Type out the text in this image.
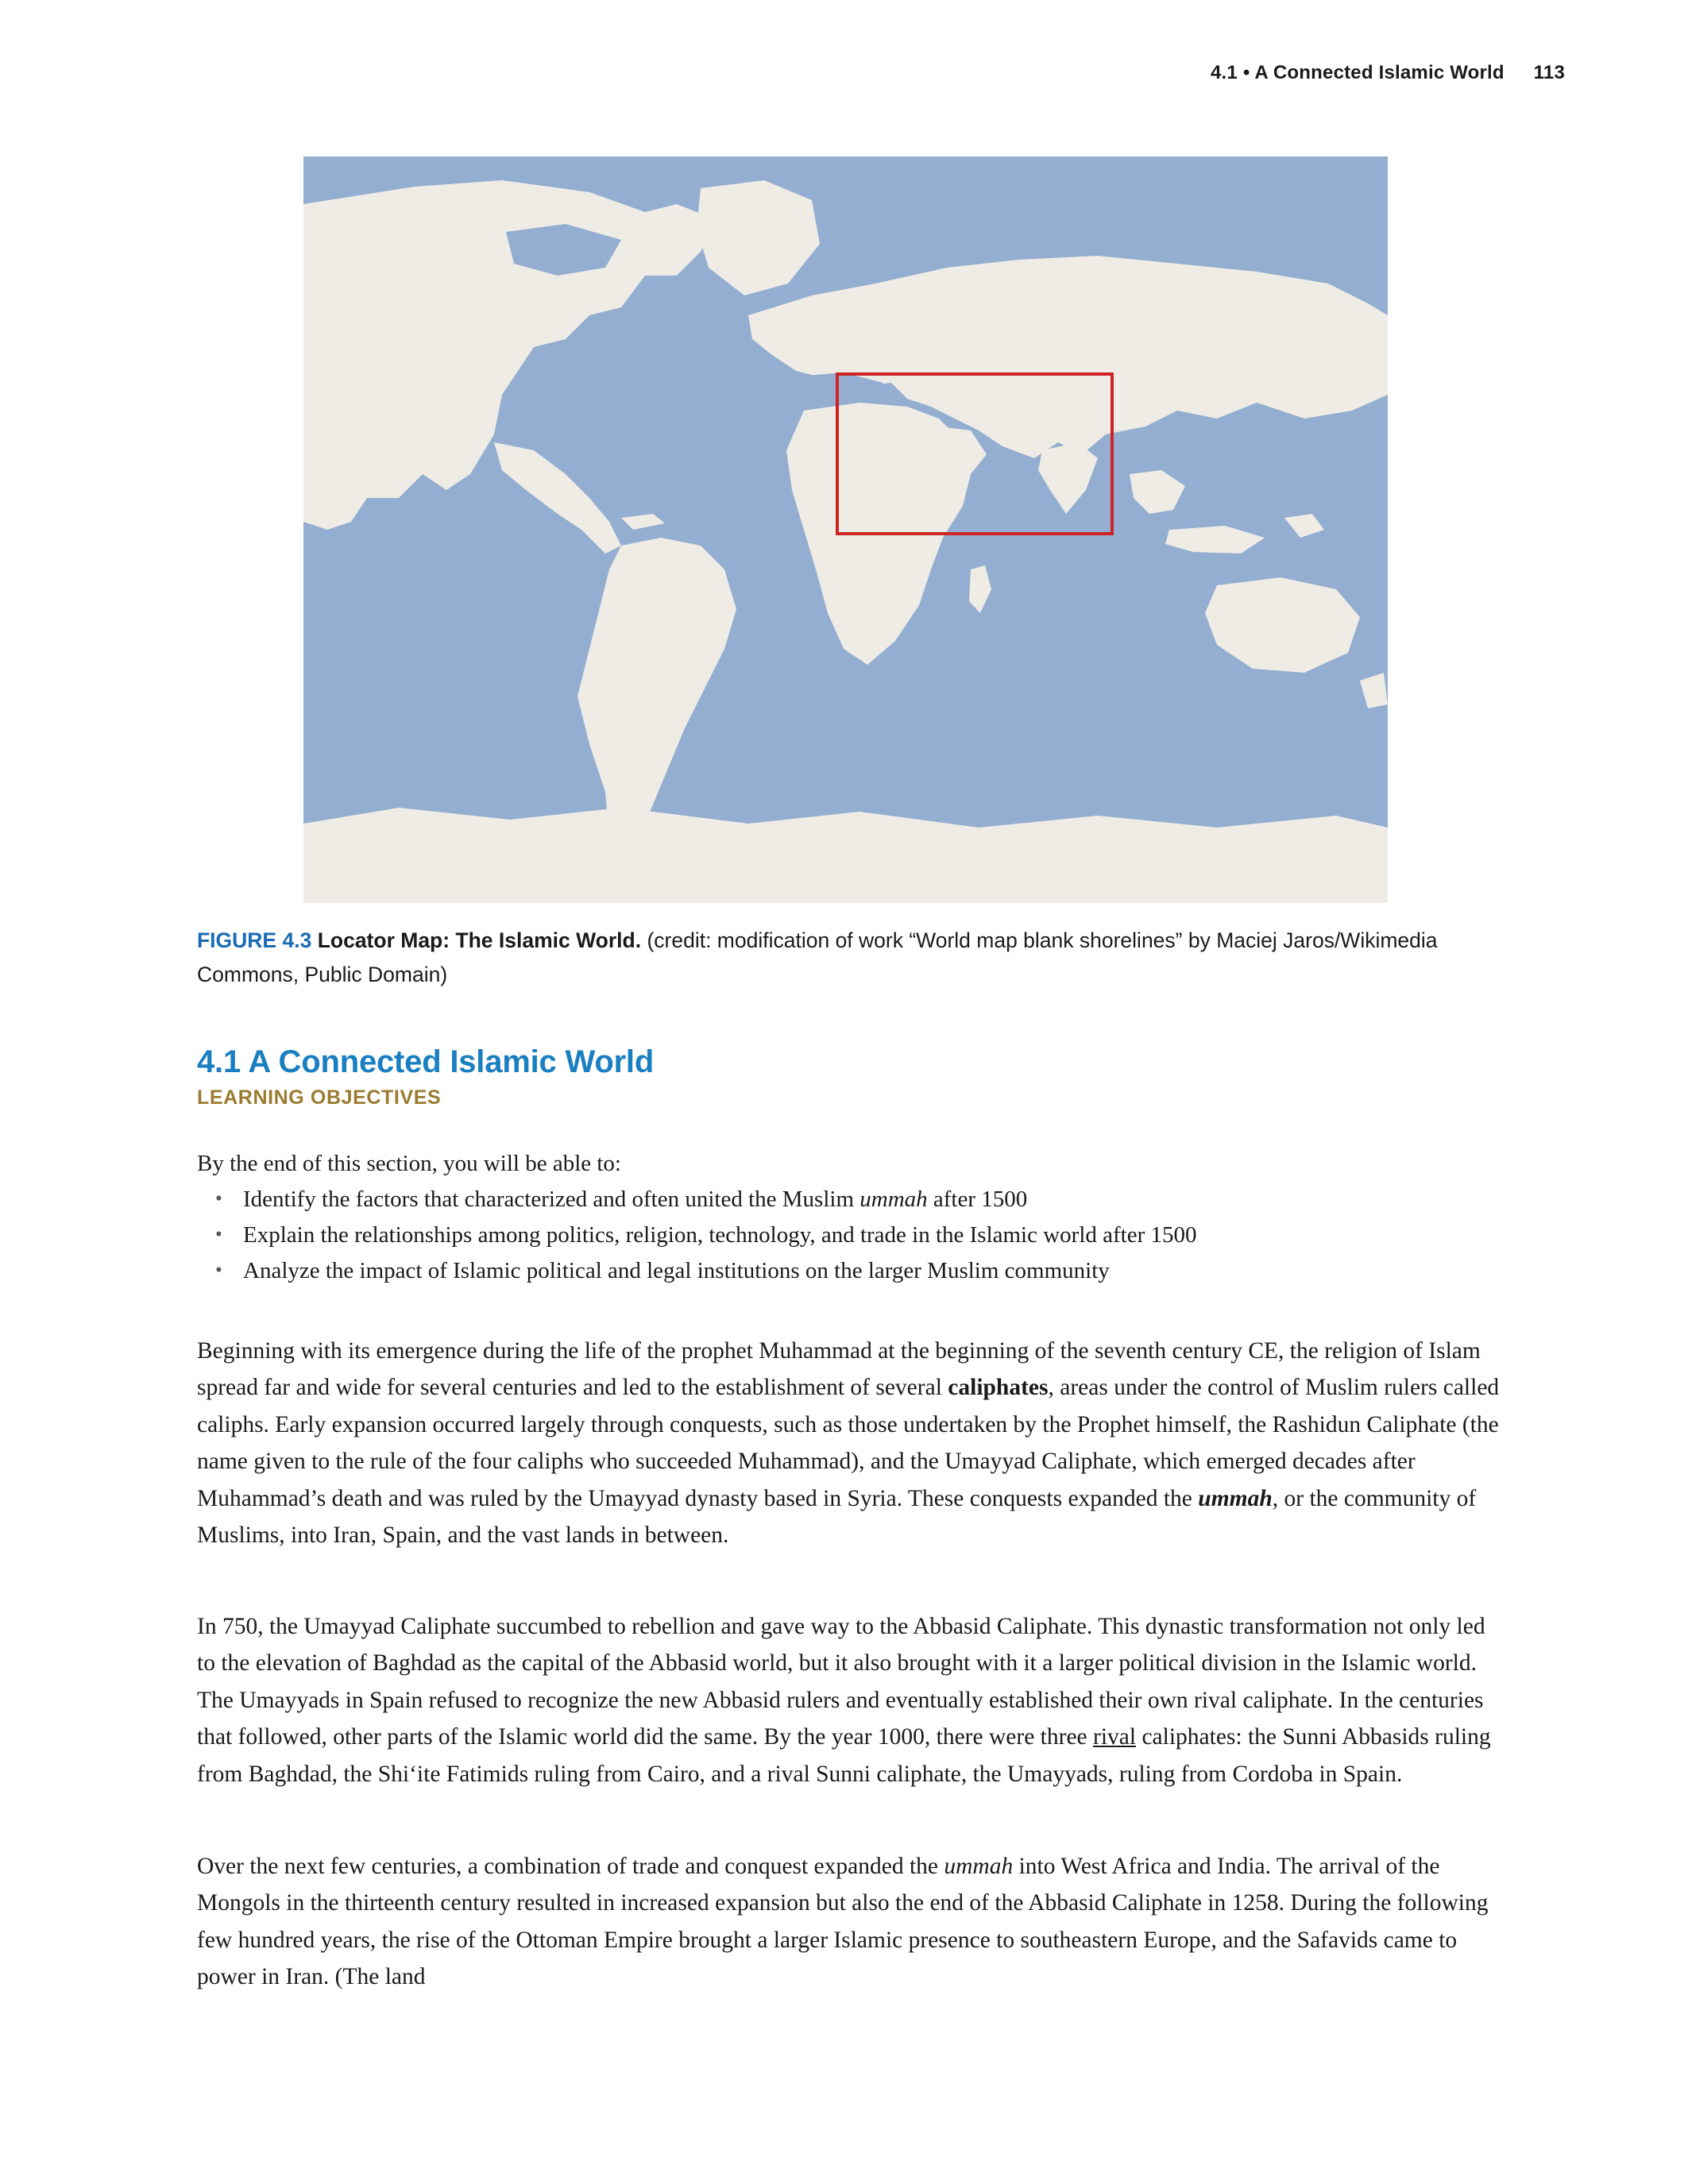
4.1 • A Connected Islamic World 113
FIGURE 4.3 Locator Map: The Islamic World. (credit: modification of work “World map blank shorelines” by Maciej Jaros/Wikimedia Commons, Public Domain)
4.1 A Connected Islamic World
LEARNING OBJECTIVES
By the end of this section, you will be able to:
• Identify the factors that characterized and often united the Muslim ummah after 1500
• Explain the relationships among politics, religion, technology, and trade in the Islamic world after 1500
• Analyze the impact of Islamic political and legal institutions on the larger Muslim community

Beginning with its emergence during the life of the prophet Muhammad at the beginning of the seventh century CE, the religion of Islam spread far and wide for several centuries and led to the establishment of several caliphates, areas under the control of Muslim rulers called caliphs. Early expansion occurred largely through conquests, such as those undertaken by the Prophet himself, the Rashidun Caliphate (the name given to the rule of the four caliphs who succeeded Muhammad), and the Umayyad Caliphate, which emerged decades after Muhammad’s death and was ruled by the Umayyad dynasty based in Syria. These conquests expanded the ummah, or the community of Muslims, into Iran, Spain, and the vast lands in between.

In 750, the Umayyad Caliphate succumbed to rebellion and gave way to the Abbasid Caliphate. This dynastic transformation not only led to the elevation of Baghdad as the capital of the Abbasid world, but it also brought with it a larger political division in the Islamic world. The Umayyads in Spain refused to recognize the new Abbasid rulers and eventually established their own rival caliphate. In the centuries that followed, other parts of the Islamic world did the same. By the year 1000, there were three rival caliphates: the Sunni Abbasids ruling from Baghdad, the Shi‘ite Fatimids ruling from Cairo, and a rival Sunni caliphate, the Umayyads, ruling from Cordoba in Spain.

Over the next few centuries, a combination of trade and conquest expanded the ummah into West Africa and India. The arrival of the Mongols in the thirteenth century resulted in increased expansion but also the end of the Abbasid Caliphate in 1258. During the following few hundred years, the rise of the Ottoman Empire brought a larger Islamic presence to southeastern Europe, and the Safavids came to power in Iran. (The land
